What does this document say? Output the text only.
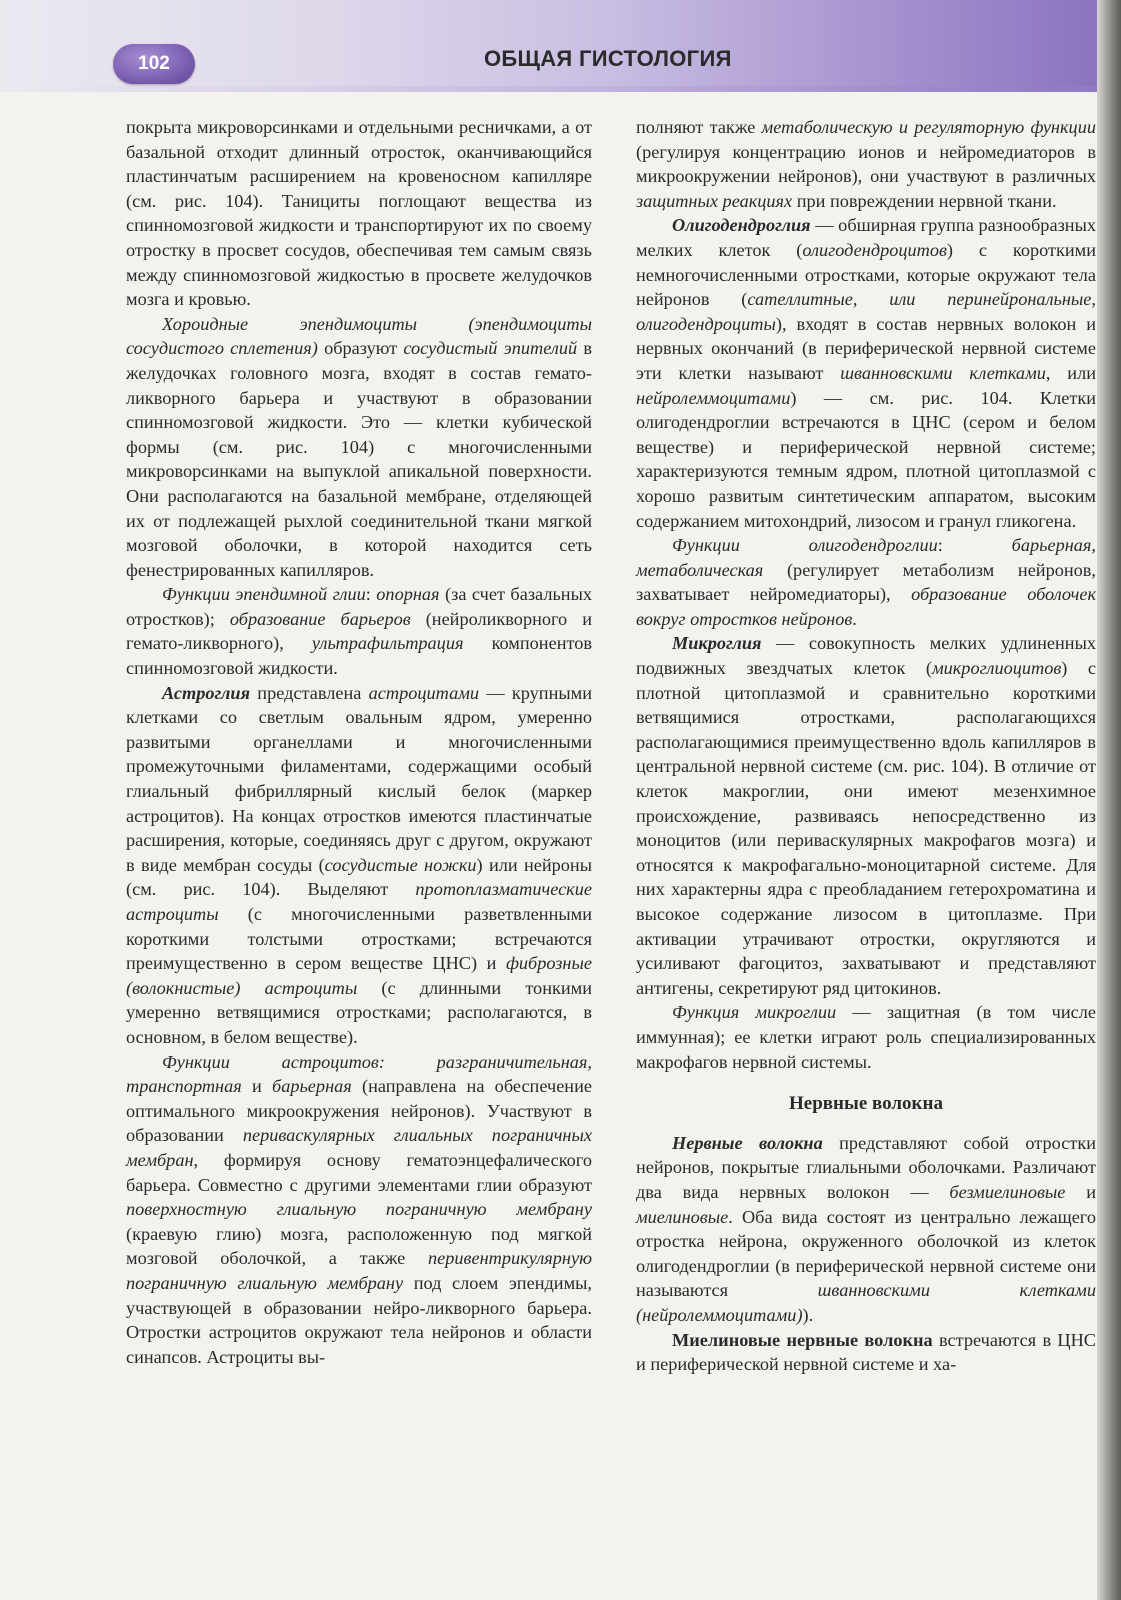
102	ОБЩАЯ ГИСТОЛОГИЯ

покрыта микроворсинками и отдельными ресничками, а от базальной отходит длинный отросток, оканчивающийся пластинчатым расширением на кровеносном капилляре (см. рис. 104). Танициты поглощают вещества из спинномозговой жидкости и транспортируют их по своему отростку в просвет сосудов, обеспечивая тем самым связь между спинномозговой жидкостью в просвете желудочков мозга и кровью.

Хороидные эпендимоциты (эпендимоциты сосудистого сплетения) образуют сосудистый эпителий в желудочках головного мозга, входят в состав гемато-ликворного барьера и участвуют в образовании спинномозговой жидкости. Это — клетки кубической формы (см. рис. 104) с многочисленными микроворсинками на выпуклой апикальной поверхности. Они располагаются на базальной мембране, отделяющей их от подлежащей рыхлой соединительной ткани мягкой мозговой оболочки, в которой находится сеть фенестрированных капилляров.

Функции эпендимной глии: опорная (за счет базальных отростков); образование барьеров (нейроликворного и гемато-ликворного), ультрафильтрация компонентов спинномозговой жидкости.

Астроглия представлена астроцитами — крупными клетками со светлым овальным ядром, умеренно развитыми органеллами и многочисленными промежуточными филаментами, содержащими особый глиальный фибриллярный кислый белок (маркер астроцитов). На концах отростков имеются пластинчатые расширения, которые, соединяясь друг с другом, окружают в виде мембран сосуды (сосудистые ножки) или нейроны (см. рис. 104). Выделяют протоплазматические астроциты (с многочисленными разветвленными короткими толстыми отростками; встречаются преимущественно в сером веществе ЦНС) и фиброзные (волокнистые) астроциты (с длинными тонкими умеренно ветвящимися отростками; располагаются, в основном, в белом веществе).

Функции астроцитов: разграничительная, транспортная и барьерная (направлена на обеспечение оптимального микроокружения нейронов). Участвуют в образовании периваскулярных глиальных пограничных мембран, формируя основу гематоэнцефалического барьера. Совместно с другими элементами глии образуют поверхностную глиальную пограничную мембрану (краевую глию) мозга, расположенную под мягкой мозговой оболочкой, а также перивентрикулярную пограничную глиальную мембрану под слоем эпендимы, участвующей в образовании нейро-ликворного барьера. Отростки астроцитов окружают тела нейронов и области синапсов. Астроциты вы-

полняют также метаболическую и регуляторную функции (регулируя концентрацию ионов и нейромедиаторов в микроокружении нейронов), они участвуют в различных защитных реакциях при повреждении нервной ткани.

Олигодендроглия — обширная группа разнообразных мелких клеток (олигодендроцитов) с короткими немногочисленными отростками, которые окружают тела нейронов (сателлитные, или перинейрональные, олигодендроциты), входят в состав нервных волокон и нервных окончаний (в периферической нервной системе эти клетки называют шванновскими клетками, или нейролеммоцитами) — см. рис. 104. Клетки олигодендроглии встречаются в ЦНС (сером и белом веществе) и периферической нервной системе; характеризуются темным ядром, плотной цитоплазмой с хорошо развитым синтетическим аппаратом, высоким содержанием митохондрий, лизосом и гранул гликогена.

Функции олигодендроглии: барьерная, метаболическая (регулирует метаболизм нейронов, захватывает нейромедиаторы), образование оболочек вокруг отростков нейронов.

Микроглия — совокупность мелких удлиненных подвижных звездчатых клеток (микроглиоцитов) с плотной цитоплазмой и сравнительно короткими ветвящимися отростками, располагающихся располагающимися преимущественно вдоль капилляров в центральной нервной системе (см. рис. 104). В отличие от клеток макроглии, они имеют мезенхимное происхождение, развиваясь непосредственно из моноцитов (или периваскулярных макрофагов мозга) и относятся к макрофагально-моноцитарной системе. Для них характерны ядра с преобладанием гетерохроматина и высокое содержание лизосом в цитоплазме. При активации утрачивают отростки, округляются и усиливают фагоцитоз, захватывают и представляют антигены, секретируют ряд цитокинов.

Функция микроглии — защитная (в том числе иммунная); ее клетки играют роль специализированных макрофагов нервной системы.

Нервные волокна

Нервные волокна представляют собой отростки нейронов, покрытые глиальными оболочками. Различают два вида нервных волокон — безмиелиновые и миелиновые. Оба вида состоят из центрально лежащего отростка нейрона, окруженного оболочкой из клеток олигодендроглии (в периферической нервной системе они называются шванновскими клетками (нейролеммоцитами)).

Миелиновые нервные волокна встречаются в ЦНС и периферической нервной системе и ха-
